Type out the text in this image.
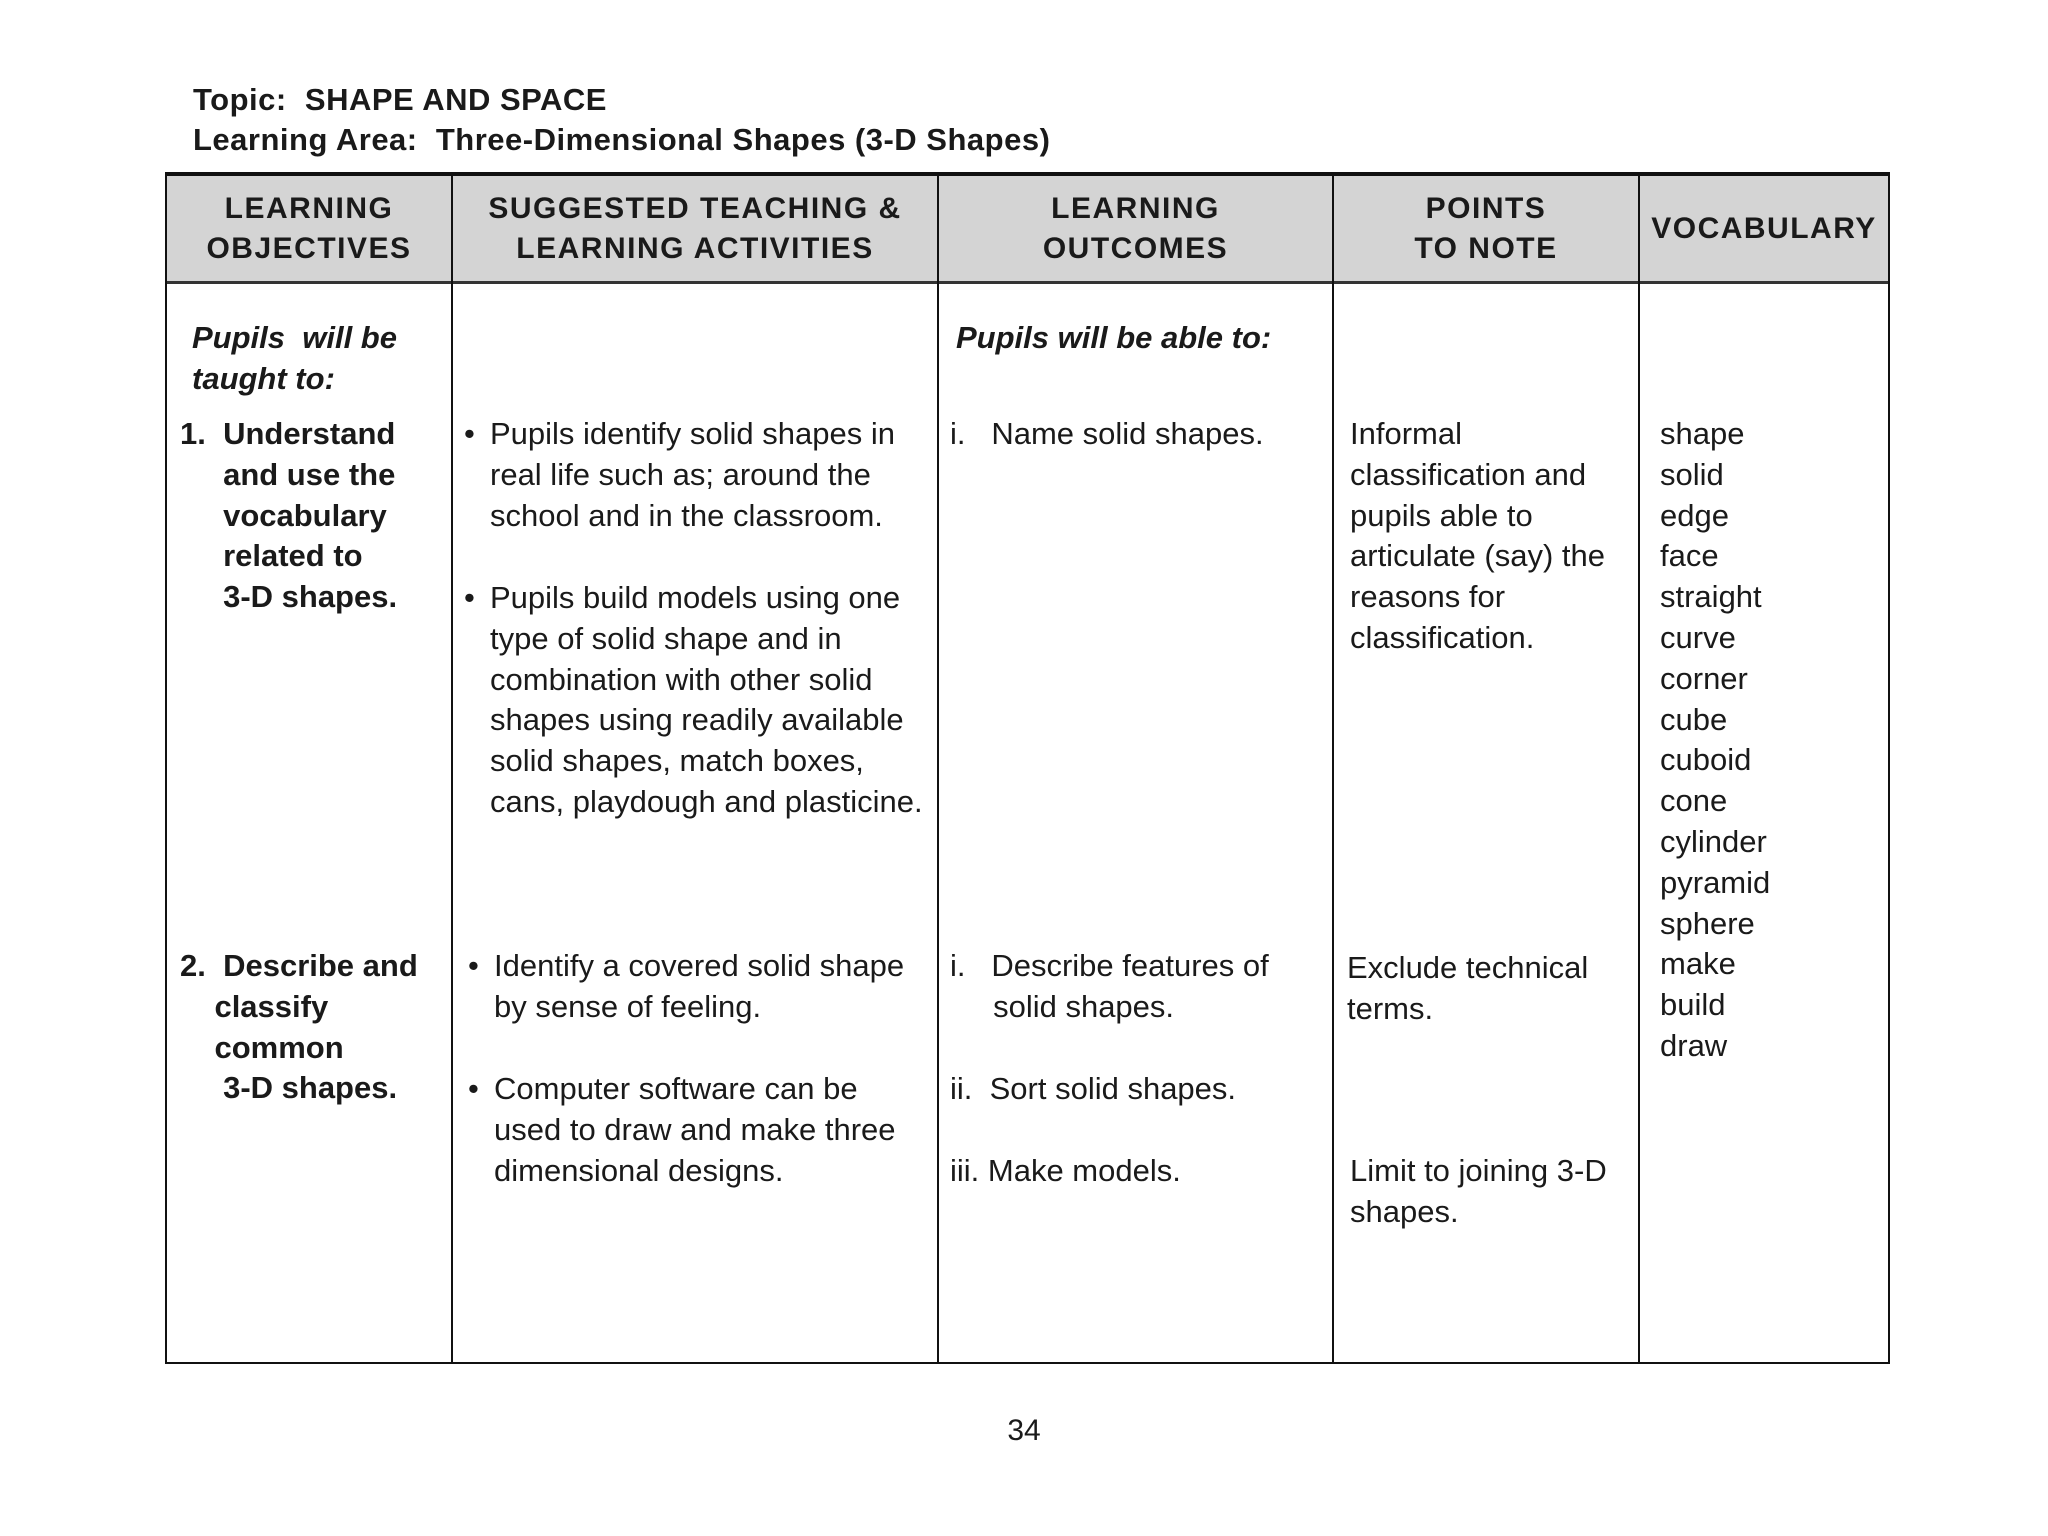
Topic: SHAPE AND SPACE
Learning Area: Three-Dimensional Shapes (3-D Shapes)
LEARNING
OBJECTIVES
SUGGESTED TEACHING &
LEARNING ACTIVITIES
LEARNING
OUTCOMES
POINTS
TO NOTE
VOCABULARY
Pupils  will be
taught to:
1.  Understand
and use the
vocabulary
related to
3-D shapes.
2.  Describe and
classify
common
3-D shapes.
• Pupils identify solid shapes in
real life such as; around the
school and in the classroom.
• Pupils build models using one
type of solid shape and in
combination with other solid
shapes using readily available
solid shapes, match boxes,
cans, playdough and plasticine.
• Identify a covered solid shape
by sense of feeling.
• Computer software can be
used to draw and make three
dimensional designs.
Pupils will be able to:
i.   Name solid shapes.
i.   Describe features of
solid shapes.
ii.  Sort solid shapes.
iii. Make models.
Informal
classification and
pupils able to
articulate (say) the
reasons for
classification.
Exclude technical
terms.
Limit to joining 3-D
shapes.
shape
solid
edge
face
straight
curve
corner
cube
cuboid
cone
cylinder
pyramid
sphere
make
build
draw
34
